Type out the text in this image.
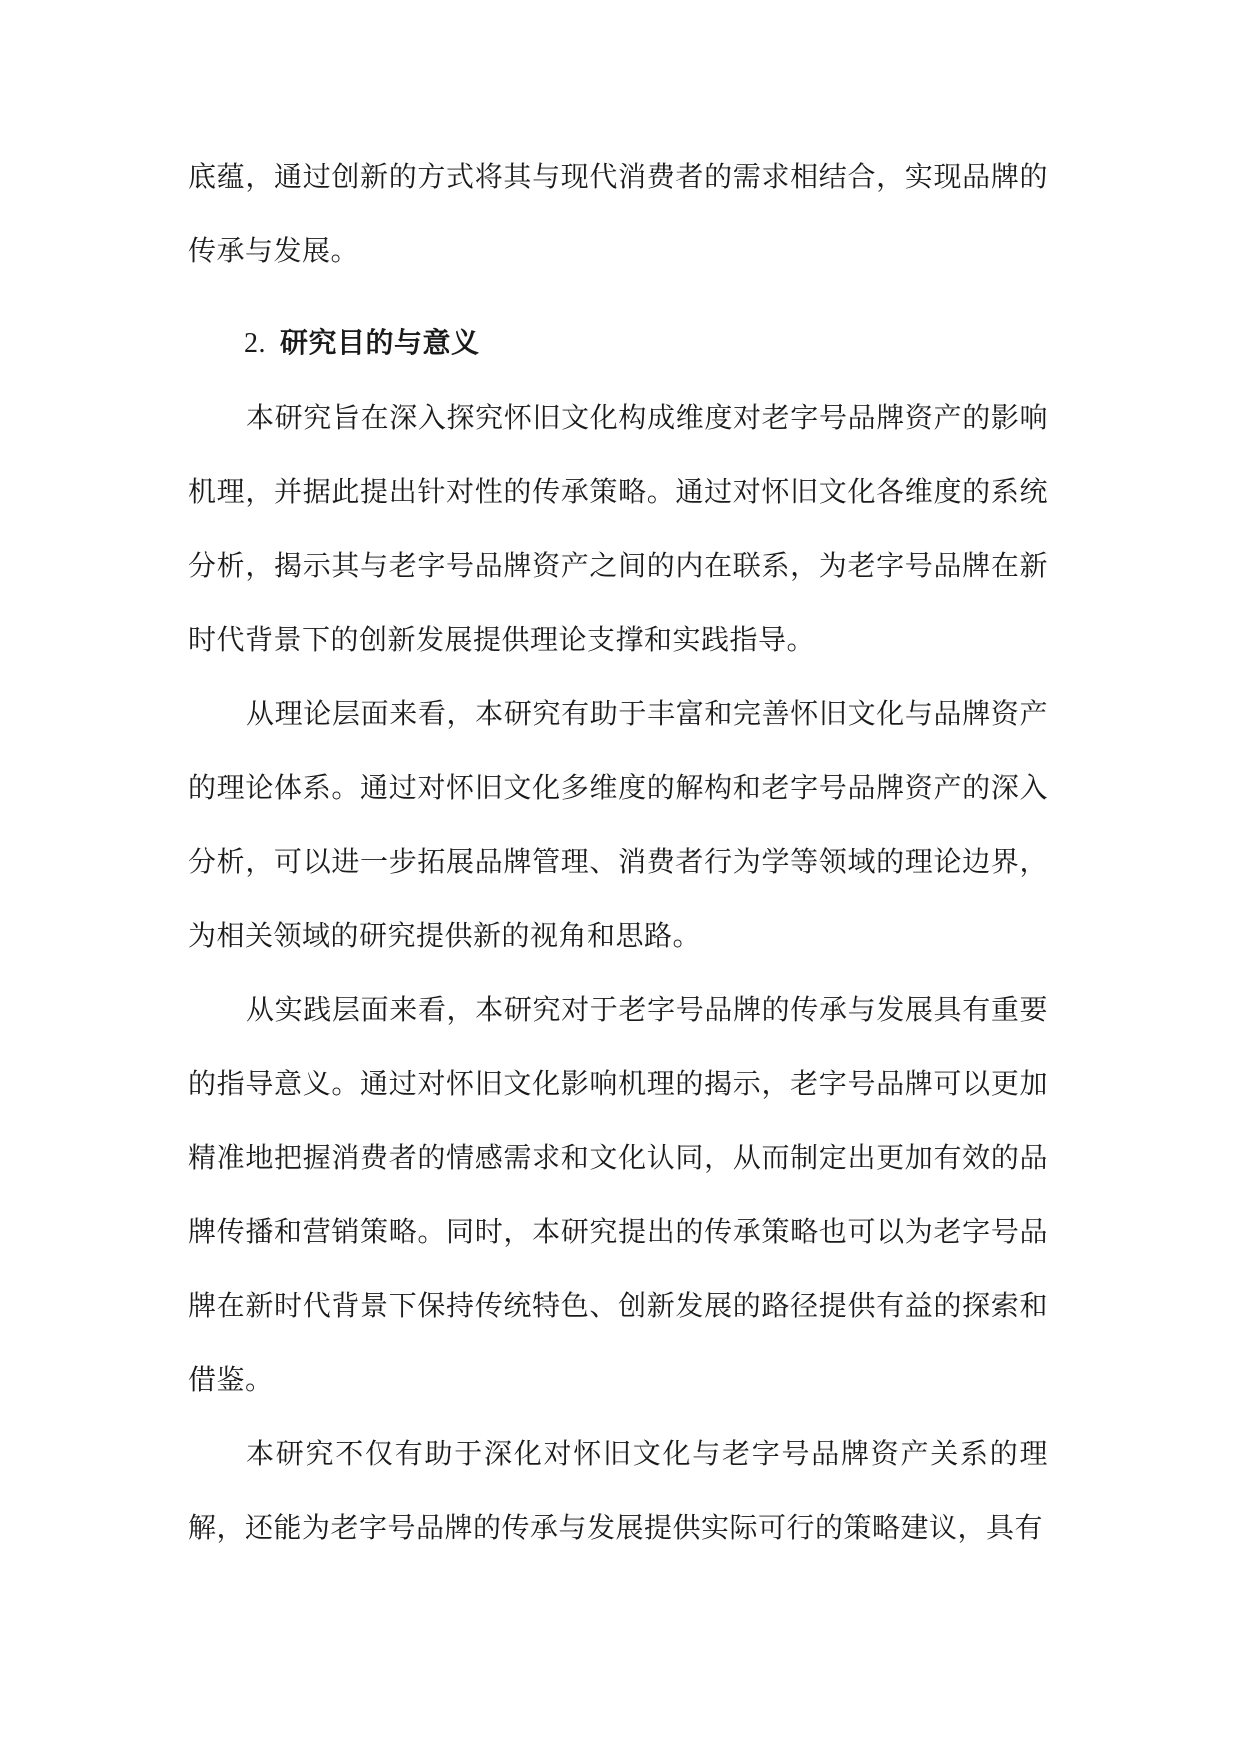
底蕴，通过创新的方式将其与现代消费者的需求相结合，实现品牌的传承与发展。

2. 研究目的与意义

本研究旨在深入探究怀旧文化构成维度对老字号品牌资产的影响机理，并据此提出针对性的传承策略。通过对怀旧文化各维度的系统分析，揭示其与老字号品牌资产之间的内在联系，为老字号品牌在新时代背景下的创新发展提供理论支撑和实践指导。

从理论层面来看，本研究有助于丰富和完善怀旧文化与品牌资产的理论体系。通过对怀旧文化多维度的解构和老字号品牌资产的深入分析，可以进一步拓展品牌管理、消费者行为学等领域的理论边界，为相关领域的研究提供新的视角和思路。

从实践层面来看，本研究对于老字号品牌的传承与发展具有重要的指导意义。通过对怀旧文化影响机理的揭示，老字号品牌可以更加精准地把握消费者的情感需求和文化认同，从而制定出更加有效的品牌传播和营销策略。同时，本研究提出的传承策略也可以为老字号品牌在新时代背景下保持传统特色、创新发展的路径提供有益的探索和借鉴。

本研究不仅有助于深化对怀旧文化与老字号品牌资产关系的理解，还能为老字号品牌的传承与发展提供实际可行的策略建议，具有
